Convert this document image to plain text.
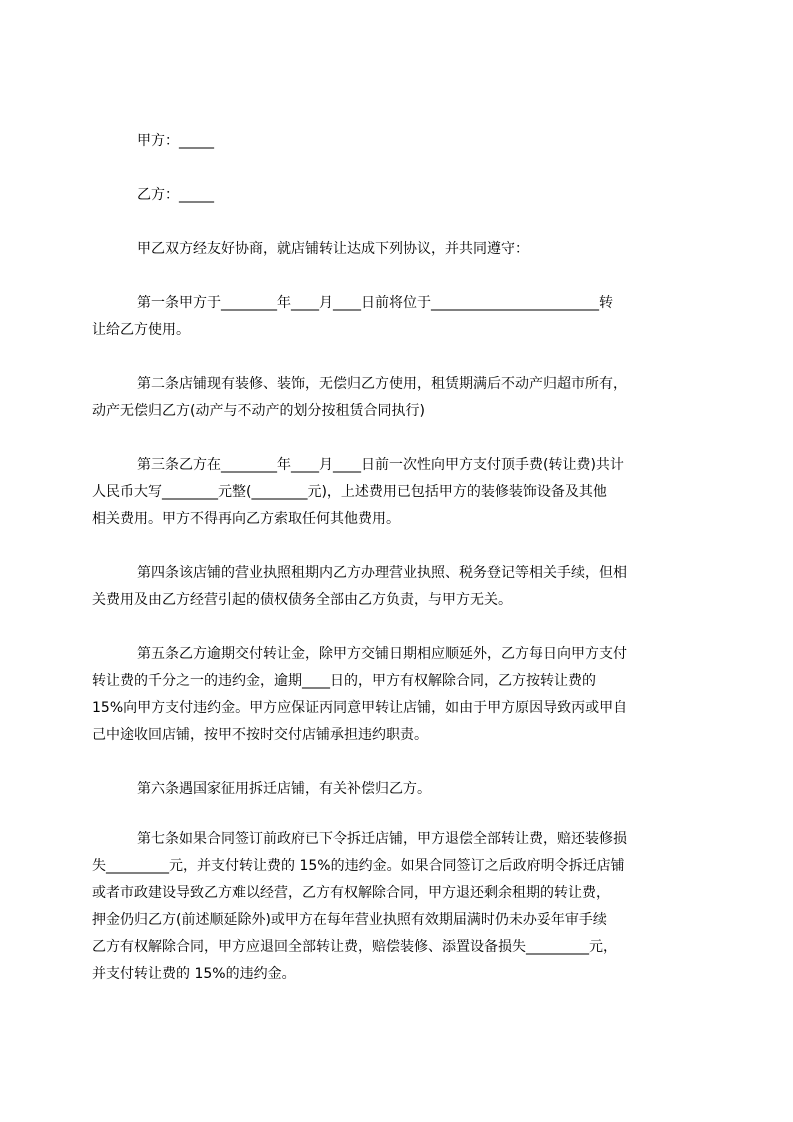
甲方：_____
乙方：_____
甲乙双方经友好协商，就店铺转让达成下列协议，并共同遵守：
第一条甲方于________年____月____日前将位于________________________转
让给乙方使用。
第二条店铺现有装修、装饰，无偿归乙方使用，租赁期满后不动产归超市所有，
动产无偿归乙方(动产与不动产的划分按租赁合同执行)
第三条乙方在________年____月____日前一次性向甲方支付顶手费(转让费)共计
人民币大写________元整(________元)，上述费用已包括甲方的装修装饰设备及其他
相关费用。甲方不得再向乙方索取任何其他费用。
第四条该店铺的营业执照租期内乙方办理营业执照、税务登记等相关手续，但相
关费用及由乙方经营引起的债权债务全部由乙方负责，与甲方无关。
第五条乙方逾期交付转让金，除甲方交铺日期相应顺延外，乙方每日向甲方支付
转让费的千分之一的违约金，逾期____日的，甲方有权解除合同，乙方按转让费的
15%向甲方支付违约金。甲方应保证丙同意甲转让店铺，如由于甲方原因导致丙或甲自
己中途收回店铺，按甲不按时交付店铺承担违约职责。
第六条遇国家征用拆迁店铺，有关补偿归乙方。
第七条如果合同签订前政府已下令拆迁店铺，甲方退偿全部转让费，赔还装修损
失_________元，并支付转让费的 15%的违约金。如果合同签订之后政府明令拆迁店铺
或者市政建设导致乙方难以经营，乙方有权解除合同，甲方退还剩余租期的转让费，
押金仍归乙方(前述顺延除外)或甲方在每年营业执照有效期届满时仍未办妥年审手续
乙方有权解除合同，甲方应退回全部转让费，赔偿装修、添置设备损失_________元，
并支付转让费的 15%的违约金。
